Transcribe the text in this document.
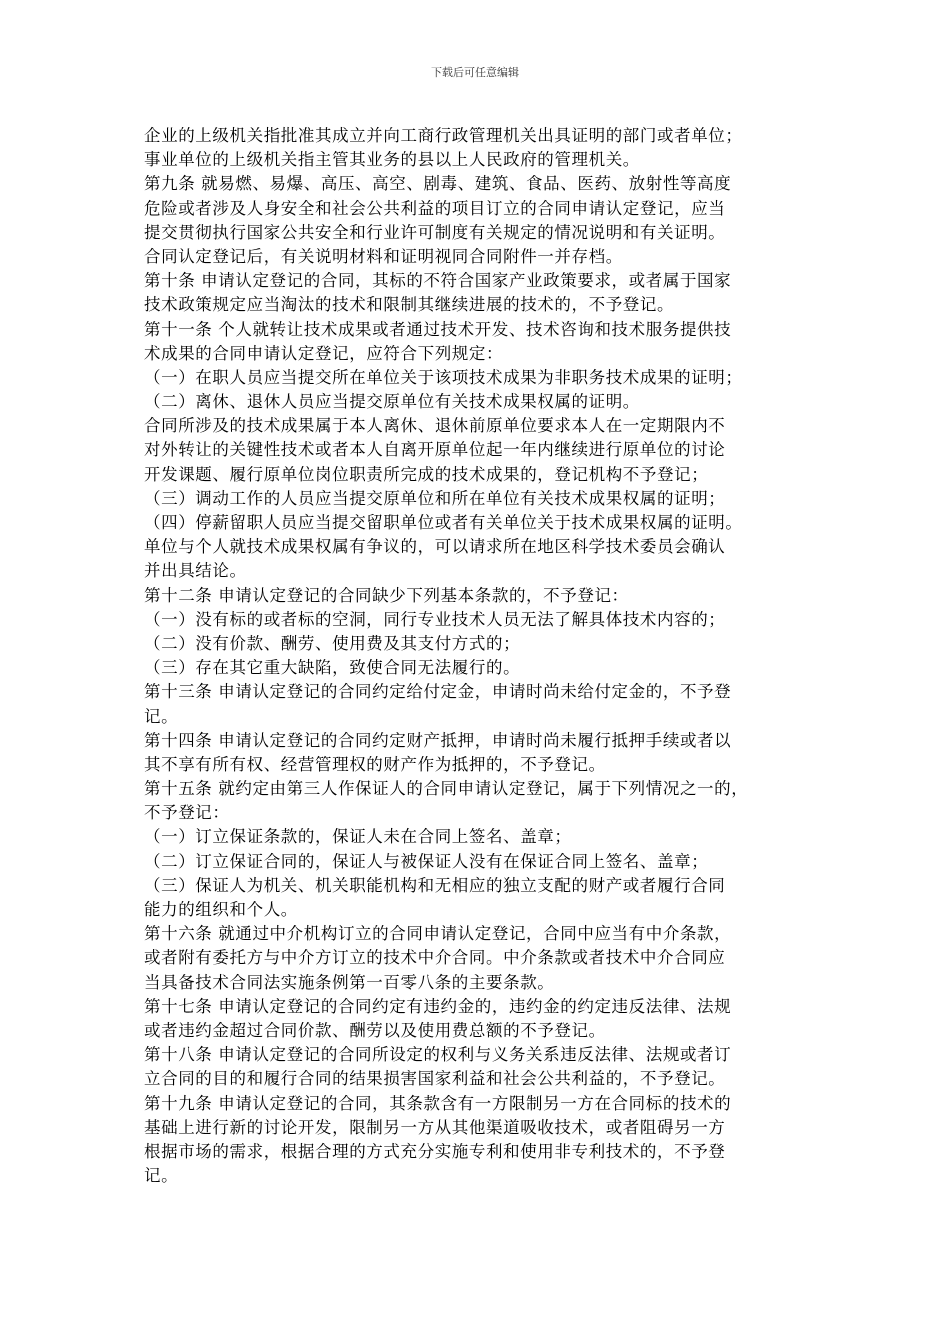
下载后可任意编辑
企业的上级机关指批准其成立并向工商行政管理机关出具证明的部门或者单位；
事业单位的上级机关指主管其业务的县以上人民政府的管理机关。
第九条 就易燃、易爆、高压、高空、剧毒、建筑、食品、医药、放射性等高度
危险或者涉及人身安全和社会公共利益的项目订立的合同申请认定登记，应当
提交贯彻执行国家公共安全和行业许可制度有关规定的情况说明和有关证明。
合同认定登记后，有关说明材料和证明视同合同附件一并存档。
第十条 申请认定登记的合同，其标的不符合国家产业政策要求，或者属于国家
技术政策规定应当淘汰的技术和限制其继续进展的技术的，不予登记。
第十一条 个人就转让技术成果或者通过技术开发、技术咨询和技术服务提供技
术成果的合同申请认定登记，应符合下列规定：
（一）在职人员应当提交所在单位关于该项技术成果为非职务技术成果的证明；
（二）离休、退休人员应当提交原单位有关技术成果权属的证明。
合同所涉及的技术成果属于本人离休、退休前原单位要求本人在一定期限内不
对外转让的关键性技术或者本人自离开原单位起一年内继续进行原单位的讨论
开发课题、履行原单位岗位职责所完成的技术成果的，登记机构不予登记；
（三）调动工作的人员应当提交原单位和所在单位有关技术成果权属的证明；
（四）停薪留职人员应当提交留职单位或者有关单位关于技术成果权属的证明。
单位与个人就技术成果权属有争议的，可以请求所在地区科学技术委员会确认
并出具结论。
第十二条 申请认定登记的合同缺少下列基本条款的，不予登记：
（一）没有标的或者标的空洞，同行专业技术人员无法了解具体技术内容的；
（二）没有价款、酬劳、使用费及其支付方式的；
（三）存在其它重大缺陷，致使合同无法履行的。
第十三条 申请认定登记的合同约定给付定金，申请时尚未给付定金的，不予登
记。
第十四条 申请认定登记的合同约定财产抵押，申请时尚未履行抵押手续或者以
其不享有所有权、经营管理权的财产作为抵押的，不予登记。
第十五条 就约定由第三人作保证人的合同申请认定登记，属于下列情况之一的，
不予登记：
（一）订立保证条款的，保证人未在合同上签名、盖章；
（二）订立保证合同的，保证人与被保证人没有在保证合同上签名、盖章；
（三）保证人为机关、机关职能机构和无相应的独立支配的财产或者履行合同
能力的组织和个人。
第十六条 就通过中介机构订立的合同申请认定登记，合同中应当有中介条款，
或者附有委托方与中介方订立的技术中介合同。中介条款或者技术中介合同应
当具备技术合同法实施条例第一百零八条的主要条款。
第十七条 申请认定登记的合同约定有违约金的，违约金的约定违反法律、法规
或者违约金超过合同价款、酬劳以及使用费总额的不予登记。
第十八条 申请认定登记的合同所设定的权利与义务关系违反法律、法规或者订
立合同的目的和履行合同的结果损害国家利益和社会公共利益的，不予登记。
第十九条 申请认定登记的合同，其条款含有一方限制另一方在合同标的技术的
基础上进行新的讨论开发，限制另一方从其他渠道吸收技术，或者阻碍另一方
根据市场的需求，根据合理的方式充分实施专利和使用非专利技术的，不予登
记。
